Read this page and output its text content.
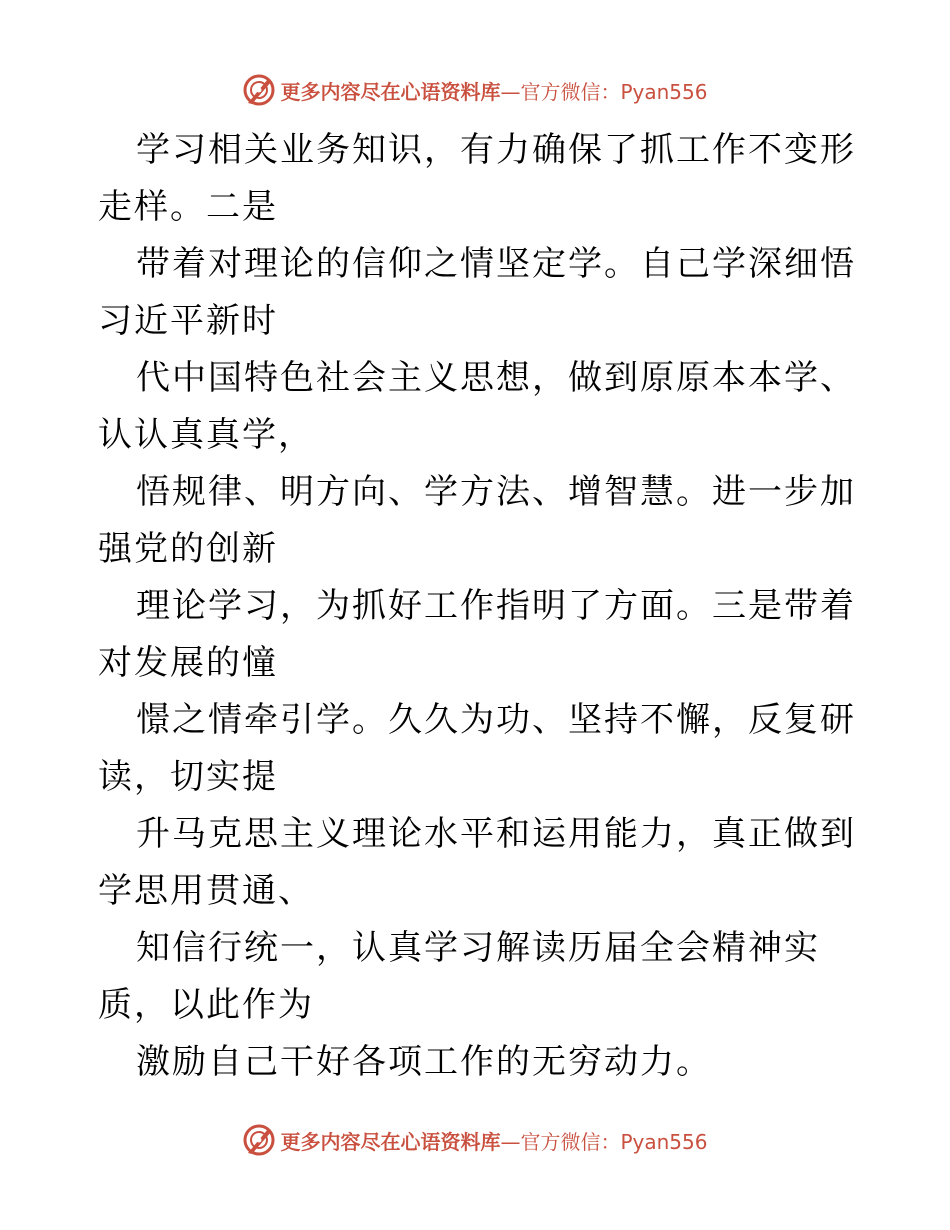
更多内容尽在心语资料库—官方微信：Pyan556

学习相关业务知识，有力确保了抓工作不变形走样。二是

带着对理论的信仰之情坚定学。自己学深细悟习近平新时

代中国特色社会主义思想，做到原原本本学、认认真真学，

悟规律、明方向、学方法、增智慧。进一步加强党的创新

理论学习，为抓好工作指明了方面。三是带着对发展的憧

憬之情牵引学。久久为功、坚持不懈，反复研读，切实提

升马克思主义理论水平和运用能力，真正做到学思用贯通、

知信行统一，认真学习解读历届全会精神实质，以此作为

激励自己干好各项工作的无穷动力。

更多内容尽在心语资料库—官方微信：Pyan556
